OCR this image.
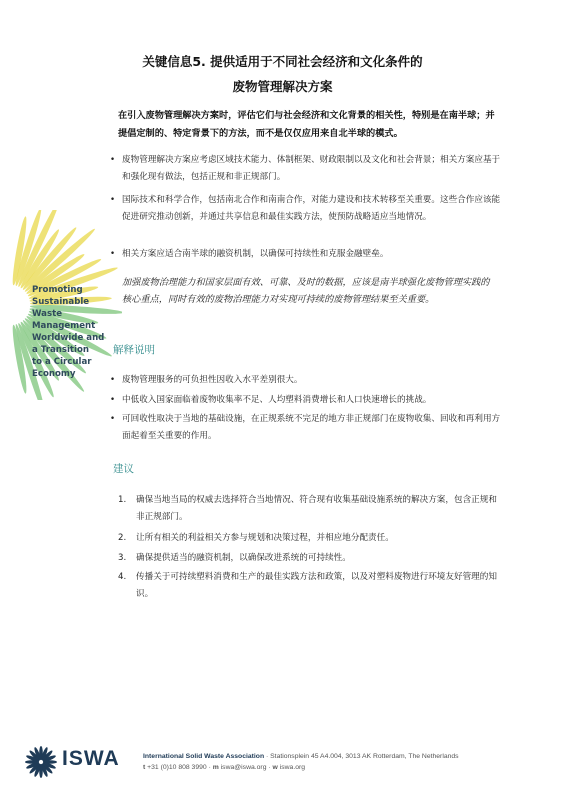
Promoting
Sustainable
Waste
Management
Worldwide and
a Transition
to a Circular
Economy
关键信息5. 提供适用于不同社会经济和文化条件的
废物管理解决方案
在引入废物管理解决方案时，评估它们与社会经济和文化背景的相关性，特别是在南半球；并提倡定制的、特定背景下的方法，而不是仅仅应用来自北半球的模式。
• 废物管理解决方案应考虑区域技术能力、体制框架、财政限制以及文化和社会背景；相关方案应基于和强化现有做法，包括正规和非正规部门。
• 国际技术和科学合作，包括南北合作和南南合作，对能力建设和技术转移至关重要。这些合作应该能促进研究推动创新，并通过共享信息和最佳实践方法，使预防战略适应当地情况。
• 相关方案应适合南半球的融资机制，以确保可持续性和克服金融壁垒。
加强废物治理能力和国家层面有效、可靠、及时的数据，应该是南半球强化废物管理实践的核心重点，同时有效的废物治理能力对实现可持续的废物管理结果至关重要。
解释说明
• 废物管理服务的可负担性因收入水平差别很大。
• 中低收入国家面临着废物收集率不足、人均塑料消费增长和人口快速增长的挑战。
• 可回收性取决于当地的基础设施，在正规系统不完足的地方非正规部门在废物收集、回收和再利用方面起着至关重要的作用。
建议
1.	确保当地当局的权威去选择符合当地情况、符合现有收集基础设施系统的解决方案，包含正规和非正规部门。
2.	让所有相关的利益相关方参与规划和决策过程，并相应地分配责任。
3.	确保提供适当的融资机制，以确保改进系统的可持续性。
4.	传播关于可持续塑料消费和生产的最佳实践方法和政策，以及对塑料废物进行环境友好管理的知识。
ISWA	International Solid Waste Association · Stationsplein 45 A4.004, 3013 AK Rotterdam, The Netherlands
t +31 (0)10 808 3990 · m iswa@iswa.org · w iswa.org
